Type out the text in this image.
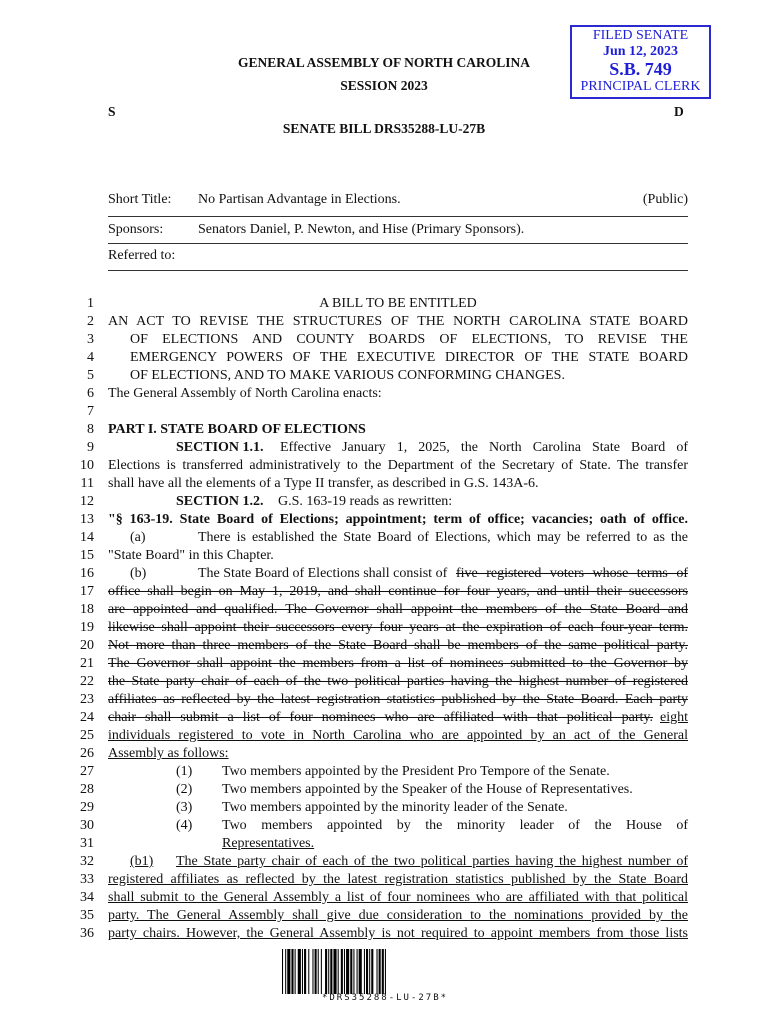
FILED SENATE
Jun 12, 2023
S.B. 749
PRINCIPAL CLERK
GENERAL ASSEMBLY OF NORTH CAROLINA
SESSION 2023
S	D
SENATE BILL DRS35288-LU-27B
Short Title: No Partisan Advantage in Elections.	(Public)
Sponsors: Senators Daniel, P. Newton, and Hise (Primary Sponsors).
Referred to:
1
2
3
4
5
6
7
8
9
10
11
12
13
14
15
16
17
18
19
20
21
22
23
24
25
26
27
28
29
30
31
32
33
34
35
36
A BILL TO BE ENTITLED
AN ACT TO REVISE THE STRUCTURES OF THE NORTH CAROLINA STATE BOARD
OF ELECTIONS AND COUNTY BOARDS OF ELECTIONS, TO REVISE THE
EMERGENCY POWERS OF THE EXECUTIVE DIRECTOR OF THE STATE BOARD
OF ELECTIONS, AND TO MAKE VARIOUS CONFORMING CHANGES.
The General Assembly of North Carolina enacts:
PART I. STATE BOARD OF ELECTIONS
SECTION 1.1. Effective January 1, 2025, the North Carolina State Board of
Elections is transferred administratively to the Department of the Secretary of State. The transfer
shall have all the elements of a Type II transfer, as described in G.S. 143A-6.
SECTION 1.2. G.S. 163-19 reads as rewritten:
"§ 163-19. State Board of Elections; appointment; term of office; vacancies; oath of office.
(a)	There is established the State Board of Elections, which may be referred to as the
"State Board" in this Chapter.
(b)	The State Board of Elections shall consist of five registered voters whose terms of
office shall begin on May 1, 2019, and shall continue for four years, and until their successors
are appointed and qualified. The Governor shall appoint the members of the State Board and
likewise shall appoint their successors every four years at the expiration of each four-year term.
Not more than three members of the State Board shall be members of the same political party.
The Governor shall appoint the members from a list of nominees submitted to the Governor by
the State party chair of each of the two political parties having the highest number of registered
affiliates as reflected by the latest registration statistics published by the State Board. Each party
chair shall submit a list of four nominees who are affiliated with that political party. eight
individuals registered to vote in North Carolina who are appointed by an act of the General
Assembly as follows:
(1) Two members appointed by the President Pro Tempore of the Senate.
(2) Two members appointed by the Speaker of the House of Representatives.
(3) Two members appointed by the minority leader of the Senate.
(4) Two members appointed by the minority leader of the House of
Representatives.
(b1) The State party chair of each of the two political parties having the highest number of
registered affiliates as reflected by the latest registration statistics published by the State Board
shall submit to the General Assembly a list of four nominees who are affiliated with that political
party. The General Assembly shall give due consideration to the nominations provided by the
party chairs. However, the General Assembly is not required to appoint members from those lists
*DRS35288-LU-27B*
